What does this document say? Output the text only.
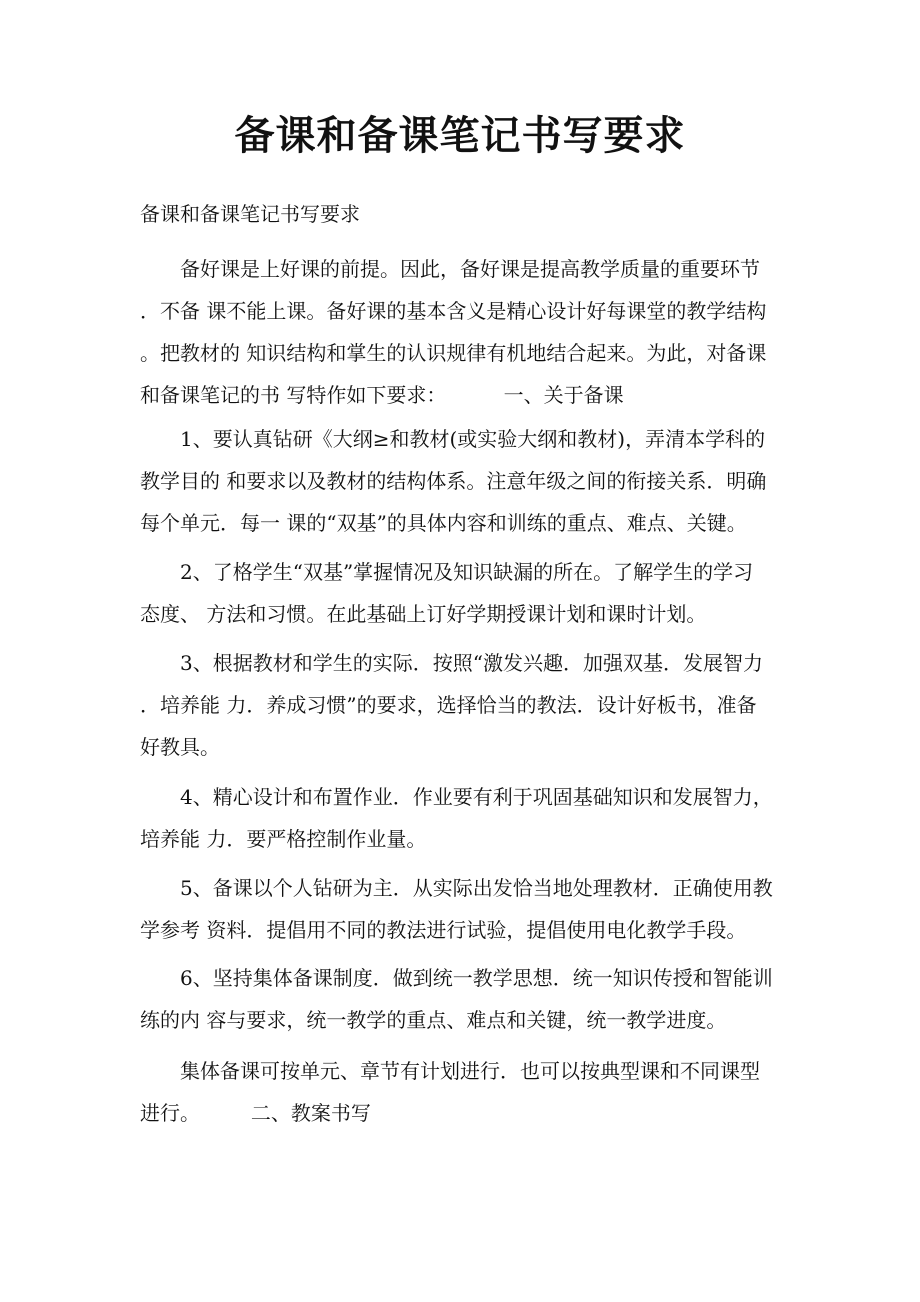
备课和备课笔记书写要求

备课和备课笔记书写要求

备好课是上好课的前提。因此，备好课是提高教学质量的重要环节
．不备 课不能上课。备好课的基本含义是精心设计好每课堂的教学结构
。把教材的 知识结构和掌生的认识规律有机地结合起来。为此，对备课
和备课笔记的书 写特作如下要求：         一、关于备课
1、要认真钻研《大纲≥和教材(或实验大纲和教材)，弄清本学科的
教学目的 和要求以及教材的结构体系。注意年级之间的衔接关系．明确
每个单元．每一 课的“双基”的具体内容和训练的重点、难点、关键。
2、了格学生“双基”掌握情况及知识缺漏的所在。了解学生的学习
态度、 方法和习惯。在此基础上订好学期授课计划和课时计划。
3、根据教材和学生的实际．按照“激发兴趣．加强双基．发展智力
．培养能 力．养成习惯”的要求，选择恰当的教法．设计好板书，准备
好教具。
4、精心设计和布置作业．作业要有利于巩固基础知识和发展智力，
培养能 力．要严格控制作业量。
5、备课以个人钻研为主．从实际出发恰当地处理教材．正确使用教
学参考 资料．提倡用不同的教法进行试验，提倡使用电化教学手段。
6、坚持集体备课制度．做到统一教学思想．统一知识传授和智能训
练的内 容与要求，统一教学的重点、难点和关键，统一教学进度。
集体备课可按单元、章节有计划进行．也可以按典型课和不同课型
进行。        二、教案书写
